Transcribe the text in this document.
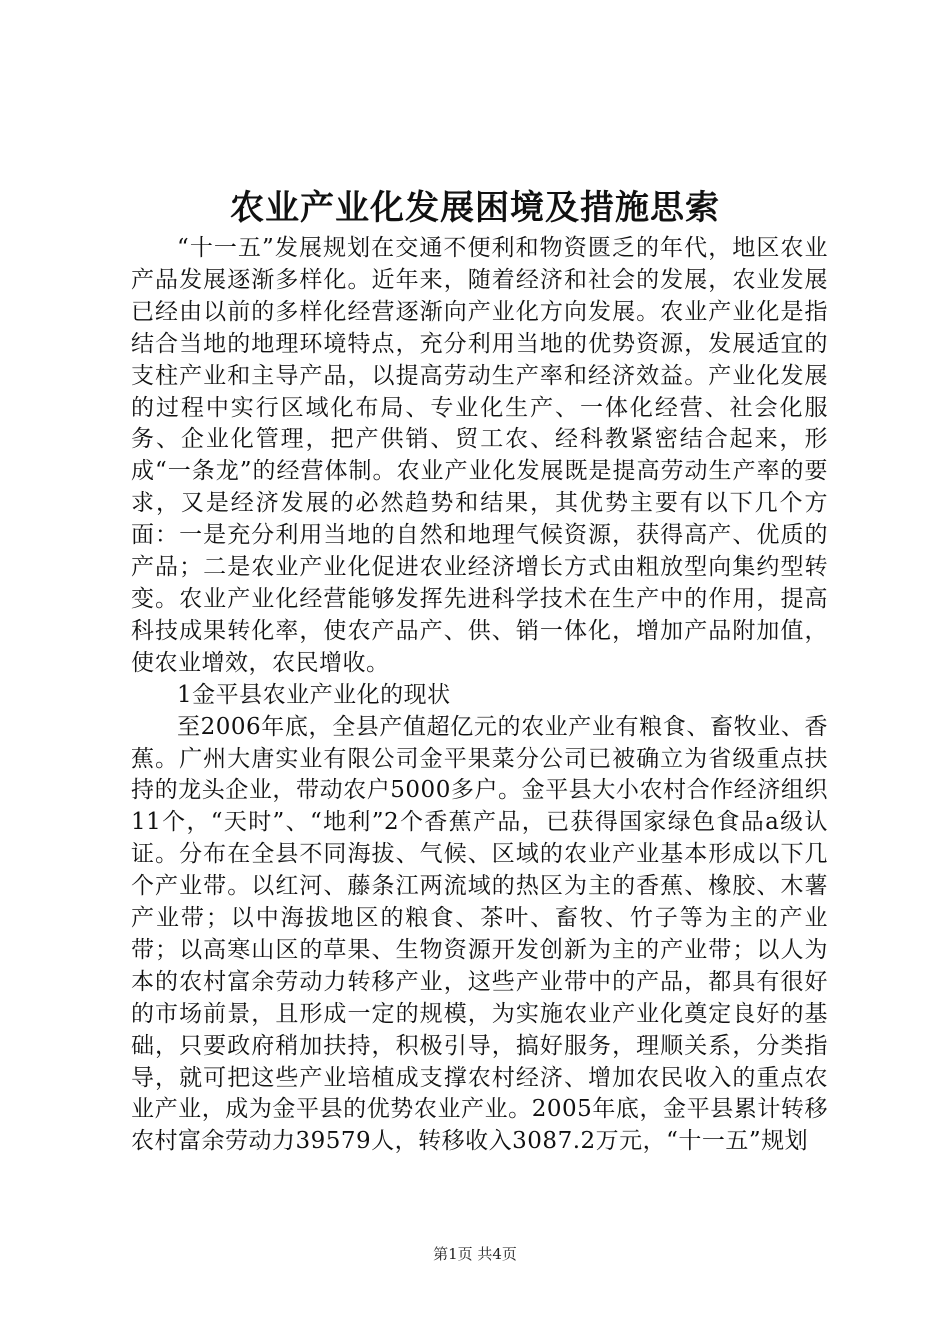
农业产业化发展困境及措施思索

“十一五”发展规划在交通不便利和物资匮乏的年代，地区农业产品发展逐渐多样化。近年来，随着经济和社会的发展，农业发展已经由以前的多样化经营逐渐向产业化方向发展。农业产业化是指结合当地的地理环境特点，充分利用当地的优势资源，发展适宜的支柱产业和主导产品，以提高劳动生产率和经济效益。产业化发展的过程中实行区域化布局、专业化生产、一体化经营、社会化服务、企业化管理，把产供销、贸工农、经科教紧密结合起来，形成“一条龙”的经营体制。农业产业化发展既是提高劳动生产率的要求，又是经济发展的必然趋势和结果，其优势主要有以下几个方面：一是充分利用当地的自然和地理气候资源，获得高产、优质的产品；二是农业产业化促进农业经济增长方式由粗放型向集约型转变。农业产业化经营能够发挥先进科学技术在生产中的作用，提高科技成果转化率，使农产品产、供、销一体化，增加产品附加值，使农业增效，农民增收。

1金平县农业产业化的现状

至2006年底，全县产值超亿元的农业产业有粮食、畜牧业、香蕉。广州大唐实业有限公司金平果菜分公司已被确立为省级重点扶持的龙头企业，带动农户5000多户。金平县大小农村合作经济组织11个，“天时”、“地利”2个香蕉产品，已获得国家绿色食品a级认证。分布在全县不同海拔、气候、区域的农业产业基本形成以下几个产业带。以红河、藤条江两流域的热区为主的香蕉、橡胶、木薯产业带；以中海拔地区的粮食、茶叶、畜牧、竹子等为主的产业带；以高寒山区的草果、生物资源开发创新为主的产业带；以人为本的农村富余劳动力转移产业，这些产业带中的产品，都具有很好的市场前景，且形成一定的规模，为实施农业产业化奠定良好的基础，只要政府稍加扶持，积极引导，搞好服务，理顺关系，分类指导，就可把这些产业培植成支撑农村经济、增加农民收入的重点农业产业，成为金平县的优势农业产业。2005年底，金平县累计转移农村富余劳动力39579人，转移收入3087.2万元，“十一五”规划

第1页 共4页
